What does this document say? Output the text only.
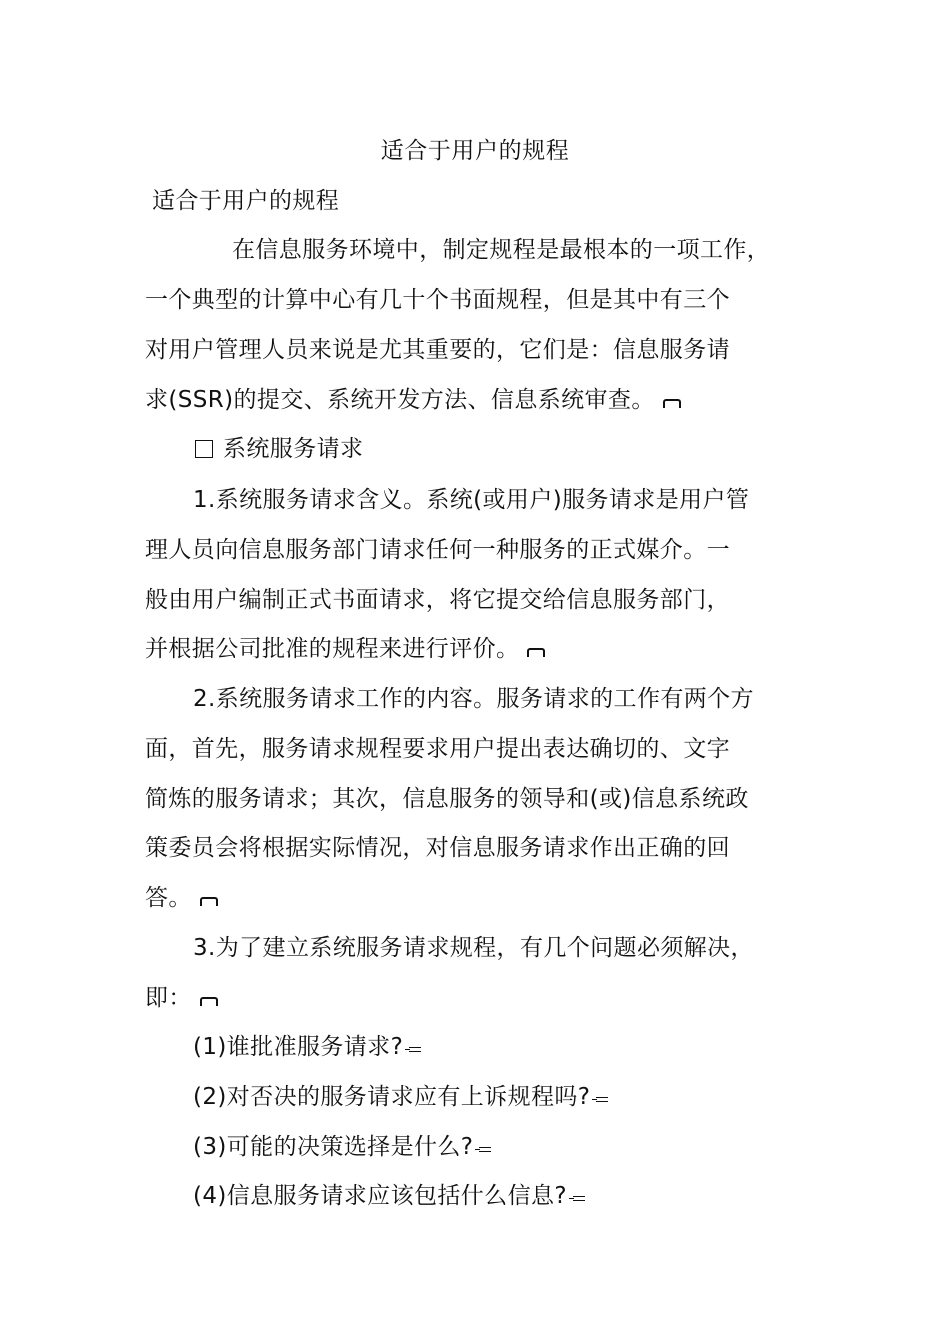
适合于用户的规程
适合于用户的规程
在信息服务环境中，制定规程是最根本的一项工作，
一个典型的计算中心有几十个书面规程，但是其中有三个
对用户管理人员来说是尤其重要的，它们是：信息服务请
求(SSR)的提交、系统开发方法、信息系统审查。
系统服务请求
1.系统服务请求含义。系统(或用户)服务请求是用户管
理人员向信息服务部门请求任何一种服务的正式媒介。一
般由用户编制正式书面请求，将它提交给信息服务部门，
并根据公司批准的规程来进行评价。
2.系统服务请求工作的内容。服务请求的工作有两个方
面，首先，服务请求规程要求用户提出表达确切的、文字
简炼的服务请求；其次，信息服务的领导和(或)信息系统政
策委员会将根据实际情况，对信息服务请求作出正确的回
答。
3.为了建立系统服务请求规程，有几个问题必须解决，
即：
(1)谁批准服务请求?
(2)对否决的服务请求应有上诉规程吗?
(3)可能的决策选择是什么?
(4)信息服务请求应该包括什么信息?
